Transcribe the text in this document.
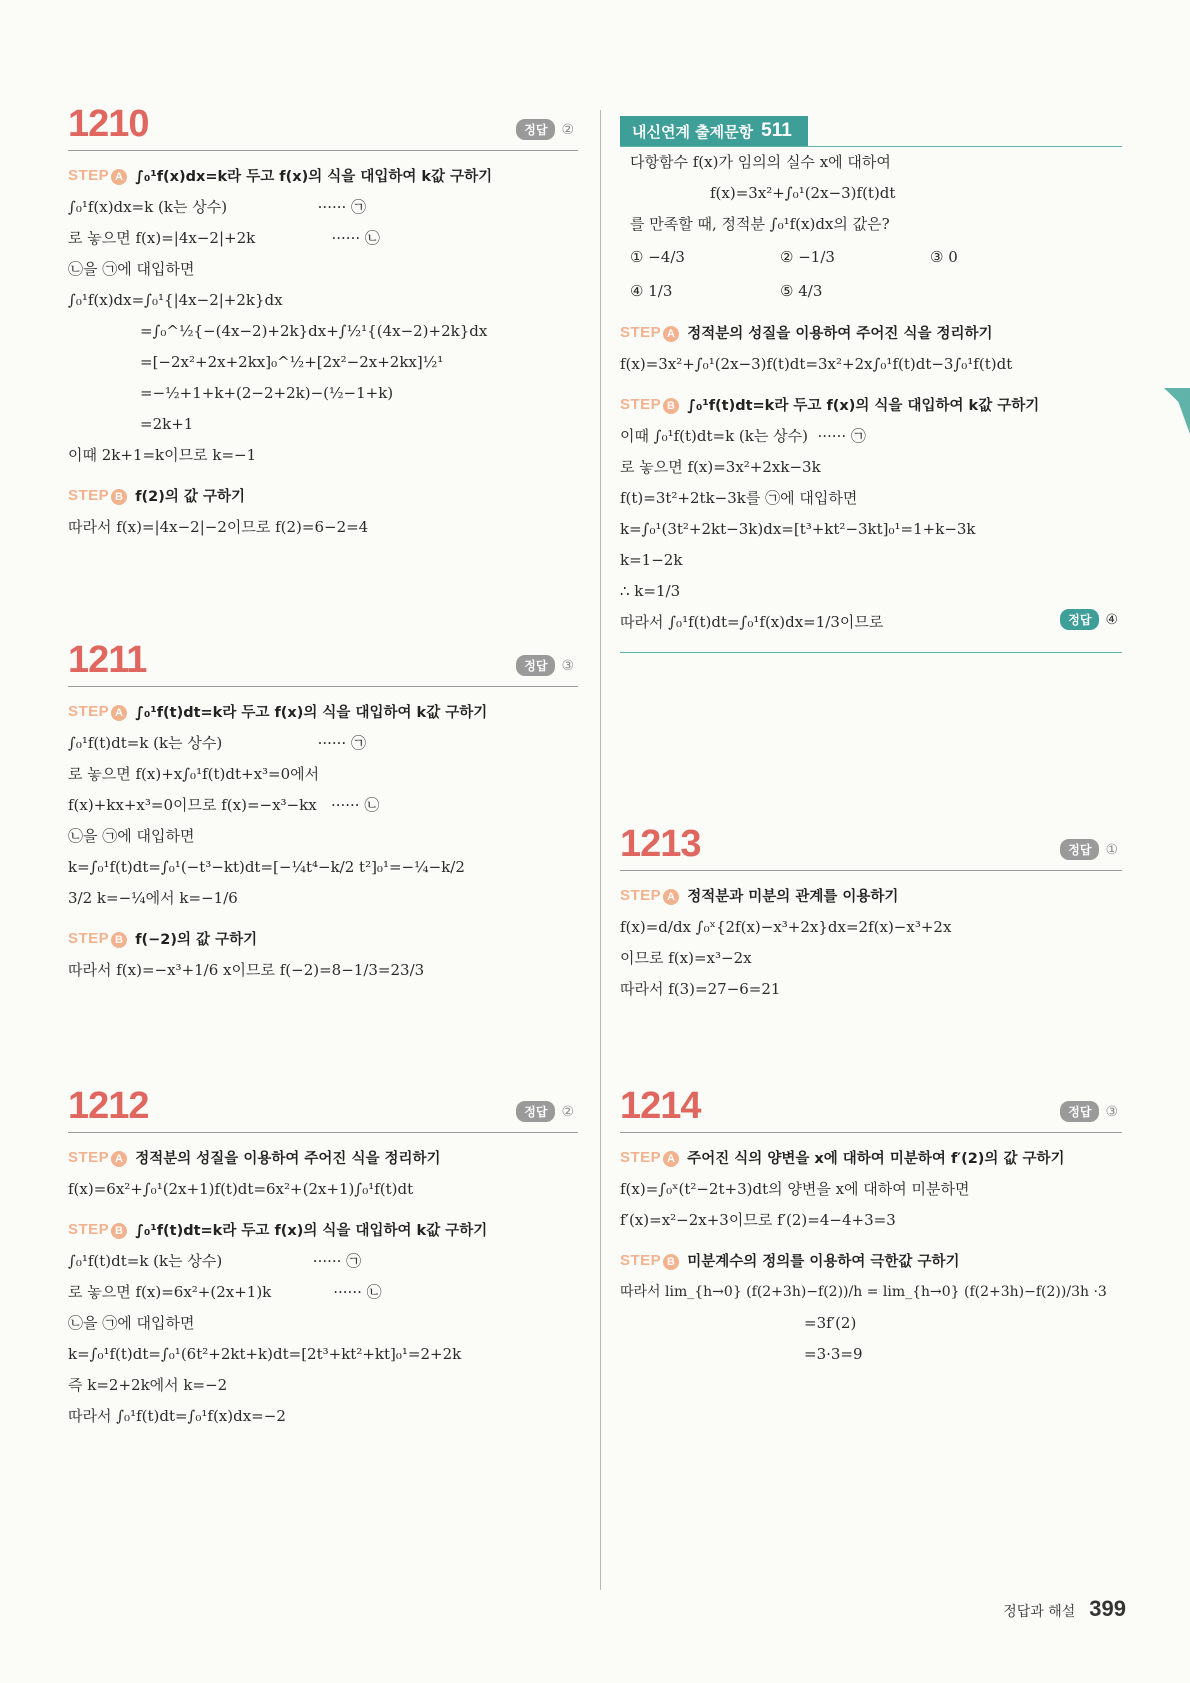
1210	정답	②
STEP A ∫₀¹f(x)dx=k라 두고 f(x)의 식을 대입하여 k값 구하기
∫₀¹f(x)dx=k (k는 상수)                   ······ ㉠
로 놓으면 f(x)=|4x−2|+2k                ······ ㉡
㉡을 ㉠에 대입하면
∫₀¹f(x)dx=∫₀¹{|4x−2|+2k}dx
=∫₀^½{−(4x−2)+2k}dx+∫½¹{(4x−2)+2k}dx
=[−2x²+2x+2kx]₀^½+[2x²−2x+2kx]½¹
=−½+1+k+(2−2+2k)−(½−1+k)
=2k+1
이때 2k+1=k이므로 k=−1
STEP B f(2)의 값 구하기
따라서 f(x)=|4x−2|−2이므로 f(2)=6−2=4
1211	정답	③
STEP A ∫₀¹f(t)dt=k라 두고 f(x)의 식을 대입하여 k값 구하기
∫₀¹f(t)dt=k (k는 상수)                    ······ ㉠
로 놓으면 f(x)+x∫₀¹f(t)dt+x³=0에서
f(x)+kx+x³=0이므로 f(x)=−x³−kx   ······ ㉡
㉡을 ㉠에 대입하면
k=∫₀¹f(t)dt=∫₀¹(−t³−kt)dt=[−¼t⁴−k/2 t²]₀¹=−¼−k/2
3/2 k=−¼에서 k=−1/6
STEP B f(−2)의 값 구하기
따라서 f(x)=−x³+1/6 x이므로 f(−2)=8−1/3=23/3
1212	정답	②
STEP A 정적분의 성질을 이용하여 주어진 식을 정리하기
f(x)=6x²+∫₀¹(2x+1)f(t)dt=6x²+(2x+1)∫₀¹f(t)dt
STEP B ∫₀¹f(t)dt=k라 두고 f(x)의 식을 대입하여 k값 구하기
∫₀¹f(t)dt=k (k는 상수)                   ······ ㉠
로 놓으면 f(x)=6x²+(2x+1)k             ······ ㉡
㉡을 ㉠에 대입하면
k=∫₀¹f(t)dt=∫₀¹(6t²+2kt+k)dt=[2t³+kt²+kt]₀¹=2+2k
즉 k=2+2k에서 k=−2
따라서 ∫₀¹f(t)dt=∫₀¹f(x)dx=−2
내신연계 출제문항 511
다항함수 f(x)가 임의의 실수 x에 대하여
f(x)=3x²+∫₀¹(2x−3)f(t)dt
를 만족할 때, 정적분 ∫₀¹f(x)dx의 값은?
① −4/3	② −1/3	③ 0
④ 1/3	⑤ 4/3
STEP A 정적분의 성질을 이용하여 주어진 식을 정리하기
f(x)=3x²+∫₀¹(2x−3)f(t)dt=3x²+2x∫₀¹f(t)dt−3∫₀¹f(t)dt
STEP B ∫₀¹f(t)dt=k라 두고 f(x)의 식을 대입하여 k값 구하기
이때 ∫₀¹f(t)dt=k (k는 상수)  ······ ㉠
로 놓으면 f(x)=3x²+2xk−3k
f(t)=3t²+2tk−3k를 ㉠에 대입하면
k=∫₀¹(3t²+2kt−3k)dx=[t³+kt²−3kt]₀¹=1+k−3k
k=1−2k
∴ k=1/3
따라서 ∫₀¹f(t)dt=∫₀¹f(x)dx=1/3이므로	정답	④
1213	정답	①
STEP A 정적분과 미분의 관계를 이용하기
f(x)=d/dx ∫₀ˣ{2f(x)−x³+2x}dx=2f(x)−x³+2x
이므로 f(x)=x³−2x
따라서 f(3)=27−6=21
1214	정답	③
STEP A 주어진 식의 양변을 x에 대하여 미분하여 f′(2)의 값 구하기
f(x)=∫₀ˣ(t²−2t+3)dt의 양변을 x에 대하여 미분하면
f′(x)=x²−2x+3이므로 f′(2)=4−4+3=3
STEP B 미분계수의 정의를 이용하여 극한값 구하기
따라서 lim_{h→0} (f(2+3h)−f(2))/h = lim_{h→0} (f(2+3h)−f(2))/3h ·3
=3f′(2)
=3·3=9
정답과 해설 399
